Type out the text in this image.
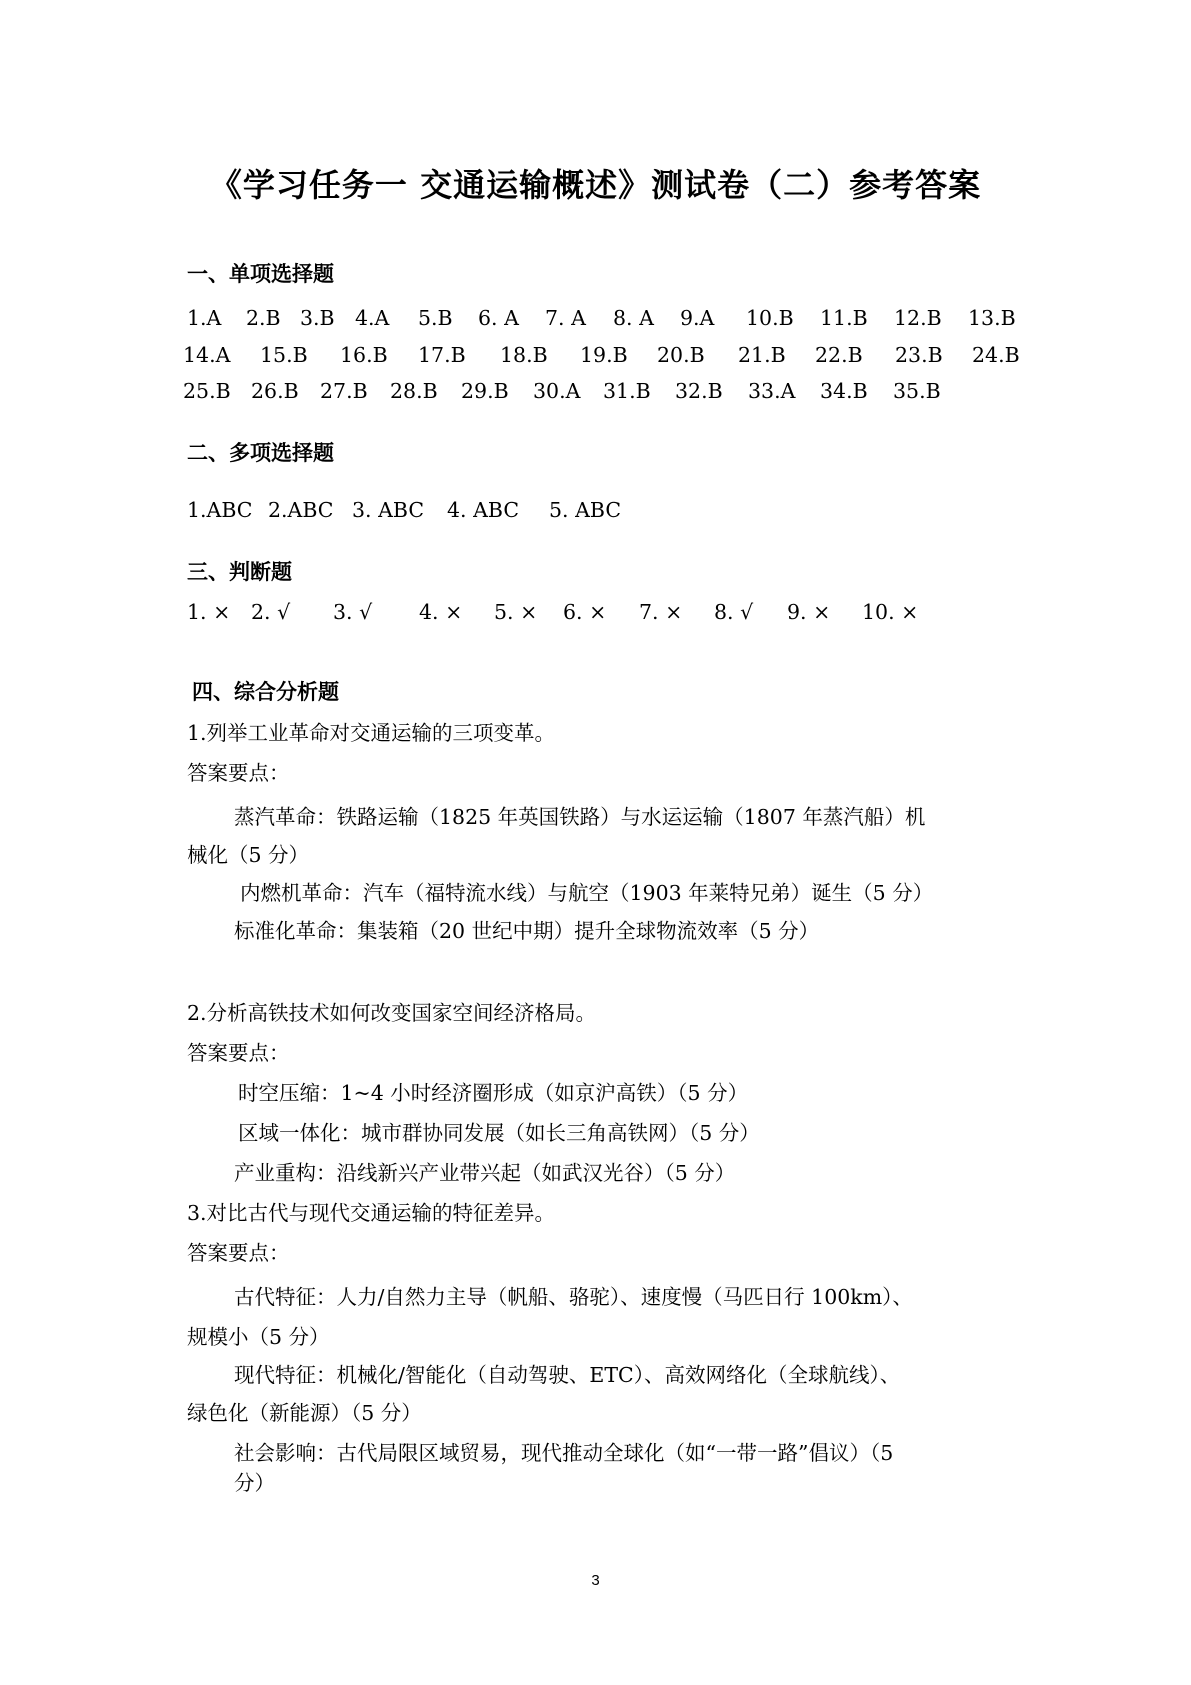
《学习任务一 交通运输概述》测试卷（二）参考答案
一、单项选择题
1.A 2.B 3.B 4.A 5.B 6. A 7. A 8. A 9.A 10.B 11.B 12.B 13.B
14.A 15.B 16.B 17.B 18.B 19.B 20.B 21.B 22.B 23.B 24.B
25.B 26.B 27.B 28.B 29.B 30.A 31.B 32.B 33.A 34.B 35.B
二、多项选择题
1.ABC 2.ABC 3. ABC 4. ABC 5. ABC
三、判断题
1. × 2. √ 3. √ 4. × 5. × 6. × 7. × 8. √ 9. × 10. ×
四、综合分析题
1.列举工业革命对交通运输的三项变革。
答案要点：
蒸汽革命：铁路运输（1825 年英国铁路）与水运运输（1807 年蒸汽船）机
械化（5 分）
内燃机革命：汽车（福特流水线）与航空（1903 年莱特兄弟）诞生（5 分）
标准化革命：集装箱（20 世纪中期）提升全球物流效率（5 分）
2.分析高铁技术如何改变国家空间经济格局。
答案要点：
时空压缩：1~4 小时经济圈形成（如京沪高铁）（5 分）
区域一体化：城市群协同发展（如长三角高铁网）（5 分）
产业重构：沿线新兴产业带兴起（如武汉光谷）（5 分）
3.对比古代与现代交通运输的特征差异。
答案要点：
古代特征：人力/自然力主导（帆船、骆驼）、速度慢（马匹日行 100km）、
规模小（5 分）
现代特征：机械化/智能化（自动驾驶、ETC）、高效网络化（全球航线）、
绿色化（新能源）（5 分）
社会影响：古代局限区域贸易，现代推动全球化（如“一带一路”倡议）（5
分）
3
